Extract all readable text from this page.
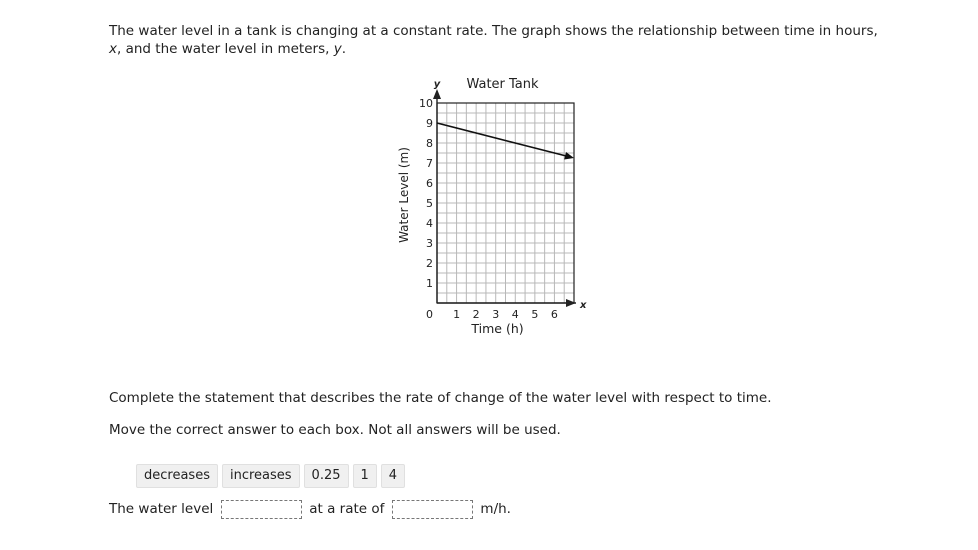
The water level in a tank is changing at a constant rate. The graph shows the relationship between time in hours, x, and the water level in meters, y.

1 2 3 4 5 6
1
2
3
4
5
6
7
8
9
10
Water Tank
Time (h)
Water Level (m)
x
y
0

Complete the statement that describes the rate of change of the water level with respect to time.

Move the correct answer to each box. Not all answers will be used.

decreases	increases	0.25	1	4
The water level	at a rate of	m/h.
